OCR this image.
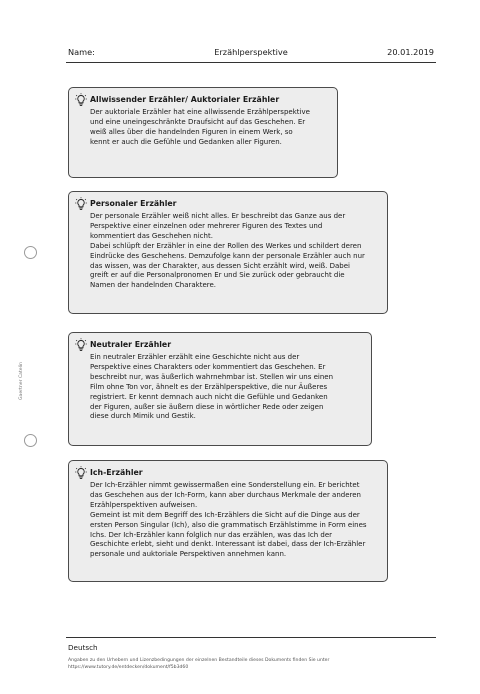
Name:	Erzählperspektive	20.01.2019
Gaertner Catelin

Allwissender Erzähler/ Auktorialer Erzähler

Der auktoriale Erzähler hat eine allwissende Erzählperspektive
und eine uneingeschränkte Draufsicht auf das Geschehen. Er
weiß alles über die handelnden Figuren in einem Werk, so
kennt er auch die Gefühle und Gedanken aller Figuren.

Personaler Erzähler

Der personale Erzähler weiß nicht alles. Er beschreibt das Ganze aus der
Perspektive einer einzelnen oder mehrerer Figuren des Textes und
kommentiert das Geschehen nicht.
Dabei schlüpft der Erzähler in eine der Rollen des Werkes und schildert deren
Eindrücke des Geschehens. Demzufolge kann der personale Erzähler auch nur
das wissen, was der Charakter, aus dessen Sicht erzählt wird, weiß. Dabei
greift er auf die Personalpronomen Er und Sie zurück oder gebraucht die
Namen der handelnden Charaktere.

Neutraler Erzähler

Ein neutraler Erzähler erzählt eine Geschichte nicht aus der
Perspektive eines Charakters oder kommentiert das Geschehen. Er
beschreibt nur, was äußerlich wahrnehmbar ist. Stellen wir uns einen
Film ohne Ton vor, ähnelt es der Erzählperspektive, die nur Äußeres
registriert. Er kennt demnach auch nicht die Gefühle und Gedanken
der Figuren, außer sie äußern diese in wörtlicher Rede oder zeigen
diese durch Mimik und Gestik.

Ich-Erzähler

Der Ich-Erzähler nimmt gewissermaßen eine Sonderstellung ein. Er berichtet
das Geschehen aus der Ich-Form, kann aber durchaus Merkmale der anderen
Erzählperspektiven aufweisen.
Gemeint ist mit dem Begriff des Ich-Erzählers die Sicht auf die Dinge aus der
ersten Person Singular (Ich), also die grammatisch Erzählstimme in Form eines
Ichs. Der Ich-Erzähler kann folglich nur das erzählen, was das Ich der
Geschichte erlebt, sieht und denkt. Interessant ist dabei, dass der Ich-Erzähler
personale und auktoriale Perspektiven annehmen kann.

Deutsch
Angaben zu den Urhebern und Lizenzbedingungen der einzelnen Bestandteile dieses Dokuments finden Sie unter
https://www.tutory.de/entdecken/dokument/f5b3d60
